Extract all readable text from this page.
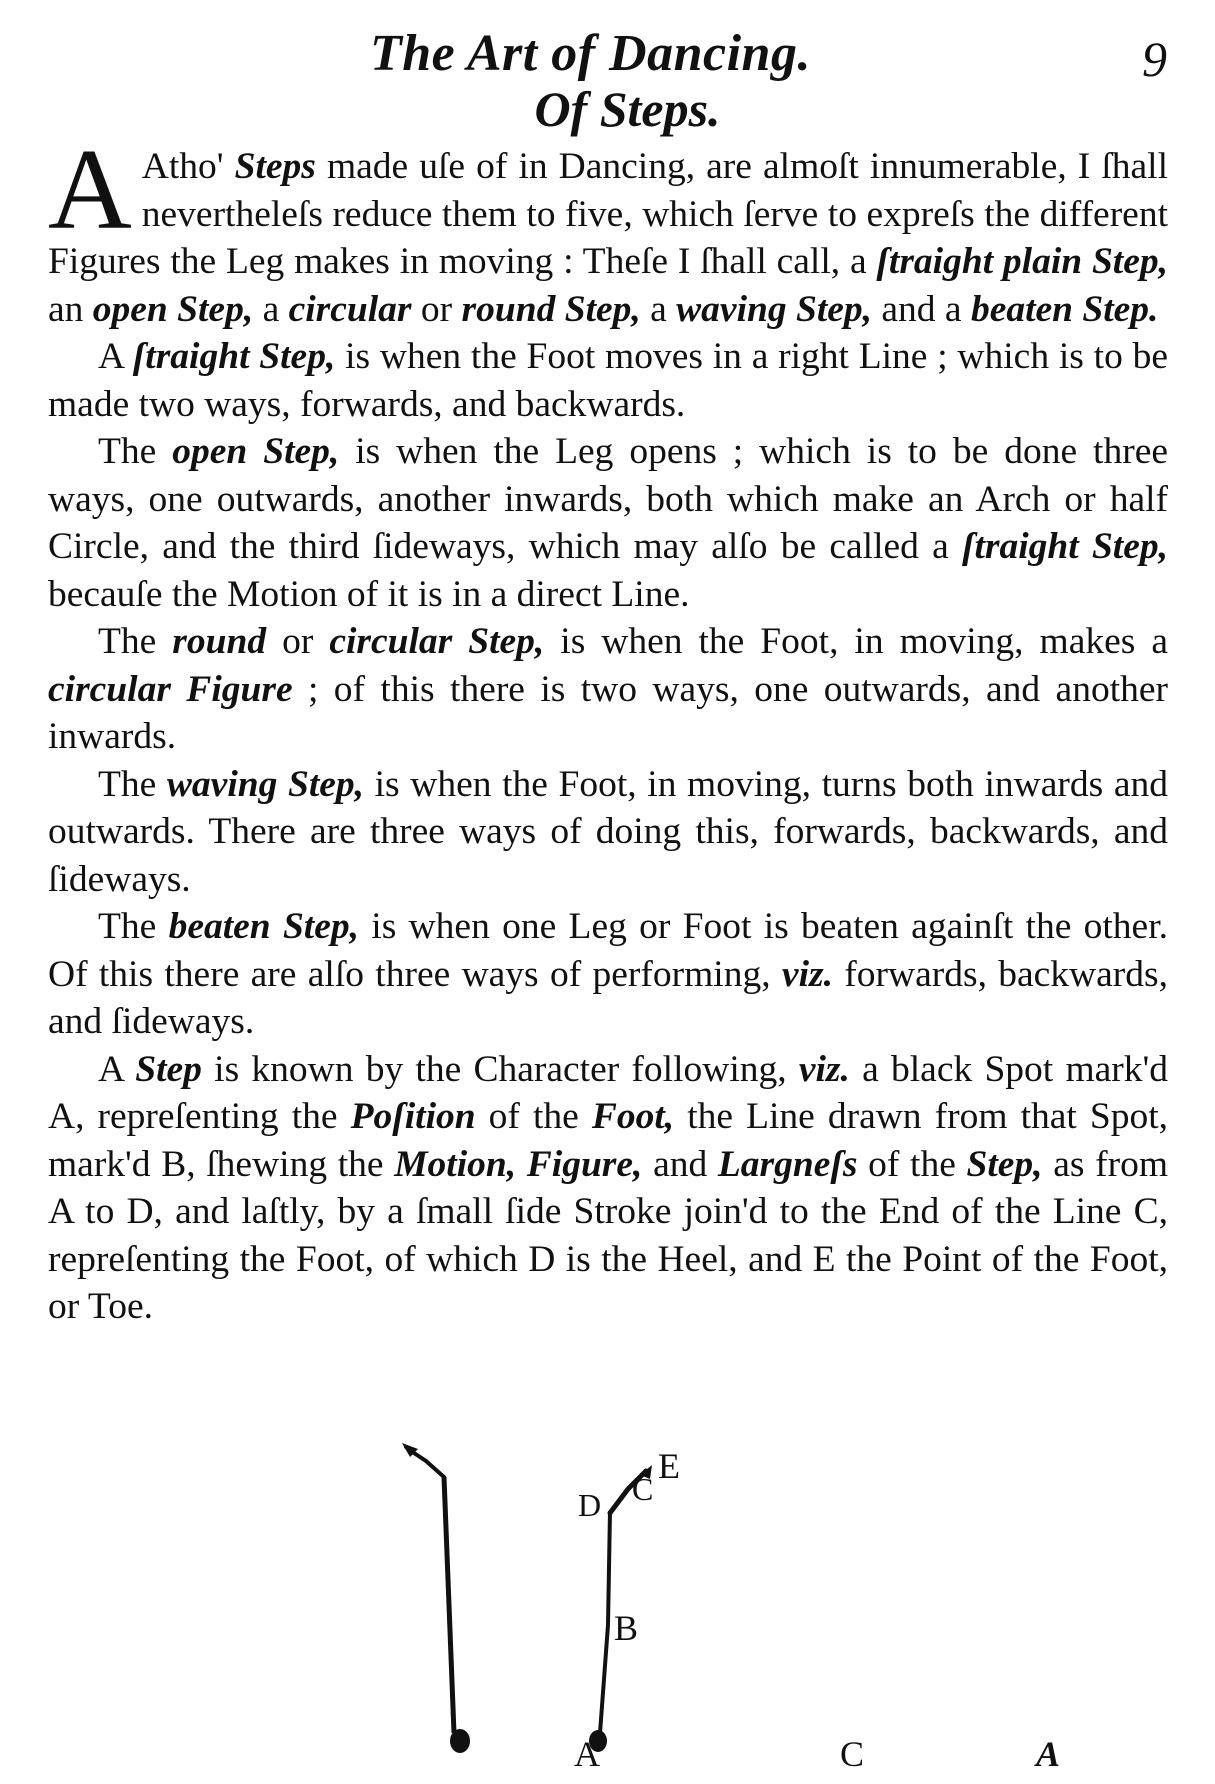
The Art of Dancing.	9
Of Steps.

A Atho' Steps made uſe of in Dancing, are almoſt innumerable, I ſhall nevertheleſs reduce them to five, which ſerve to expreſs the different Figures the Leg makes in moving : Theſe I ſhall call, a ſtraight plain Step, an open Step, a circular or round Step, a waving Step, and a beaten Step.

A ſtraight Step, is when the Foot moves in a right Line ; which is to be made two ways, forwards, and backwards.

The open Step, is when the Leg opens ; which is to be done three ways, one outwards, another inwards, both which make an Arch or half Circle, and the third ſideways, which may alſo be called a ſtraight Step, becauſe the Motion of it is in a direct Line.

The round or circular Step, is when the Foot, in moving, makes a circular Figure ; of this there is two ways, one outwards, and another inwards.

The waving Step, is when the Foot, in moving, turns both inwards and outwards. There are three ways of doing this, forwards, backwards, and ſideways.

The beaten Step, is when one Leg or Foot is beaten againſt the other. Of this there are alſo three ways of performing, viz. forwards, backwards, and ſideways.

A Step is known by the Character following, viz. a black Spot mark'd A, repreſenting the Poſition of the Foot, the Line drawn from that Spot, mark'd B, ſhewing the Motion, Figure, and Largneſs of the Step, as from A to D, and laſtly, by a ſmall ſide Stroke join'd to the End of the Line C, repreſenting the Foot, of which D is the Heel, and E the Point of the Foot, or Toe.

E
C
D
B
A	C	A
